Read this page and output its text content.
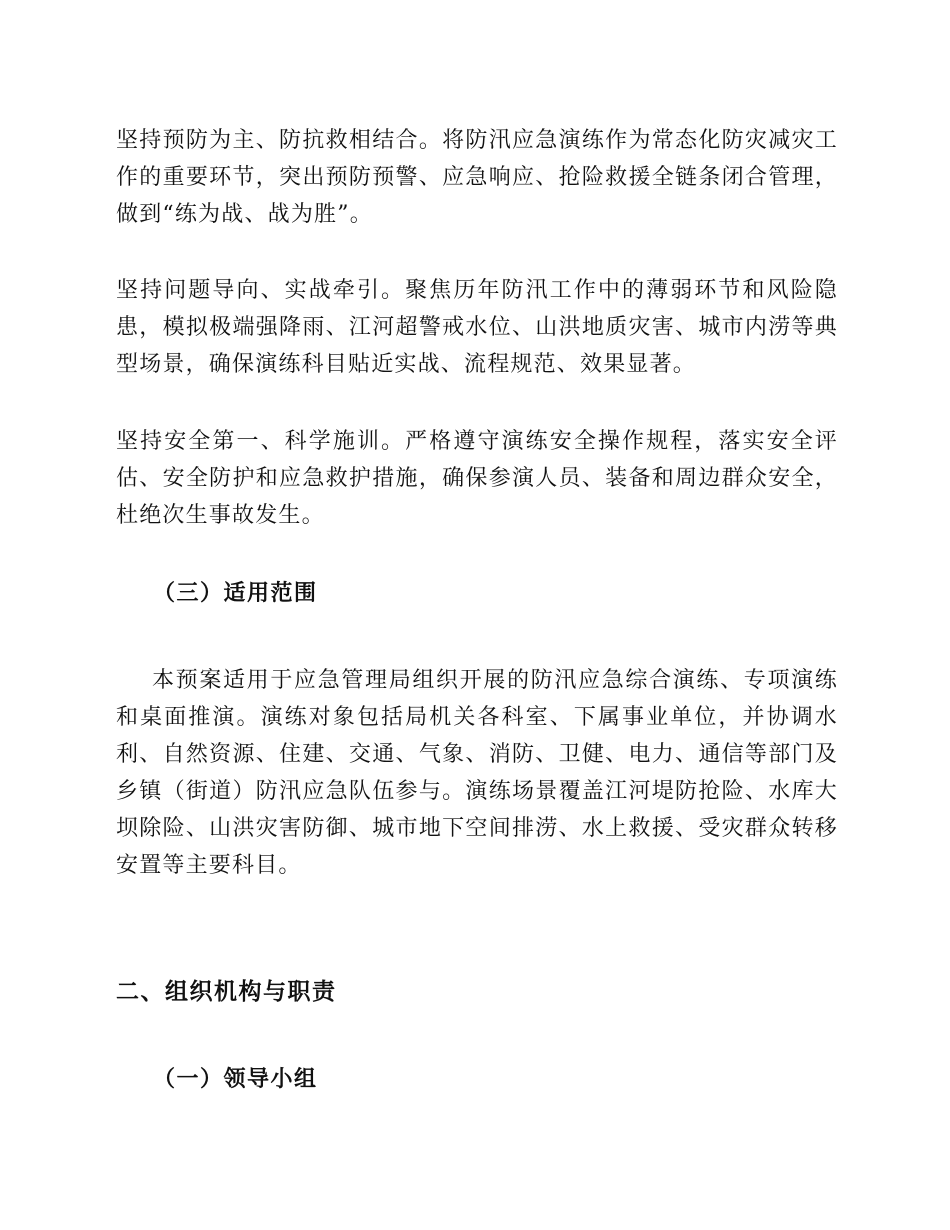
坚持预防为主、防抗救相结合。将防汛应急演练作为常态化防灾减灾工作的重要环节，突出预防预警、应急响应、抢险救援全链条闭合管理，做到“练为战、战为胜”。

坚持问题导向、实战牵引。聚焦历年防汛工作中的薄弱环节和风险隐患，模拟极端强降雨、江河超警戒水位、山洪地质灾害、城市内涝等典型场景，确保演练科目贴近实战、流程规范、效果显著。

坚持安全第一、科学施训。严格遵守演练安全操作规程，落实安全评估、安全防护和应急救护措施，确保参演人员、装备和周边群众安全，杜绝次生事故发生。

（三）适用范围

本预案适用于应急管理局组织开展的防汛应急综合演练、专项演练和桌面推演。演练对象包括局机关各科室、下属事业单位，并协调水利、自然资源、住建、交通、气象、消防、卫健、电力、通信等部门及乡镇（街道）防汛应急队伍参与。演练场景覆盖江河堤防抢险、水库大坝除险、山洪灾害防御、城市地下空间排涝、水上救援、受灾群众转移安置等主要科目。

二、组织机构与职责
（一）领导小组
